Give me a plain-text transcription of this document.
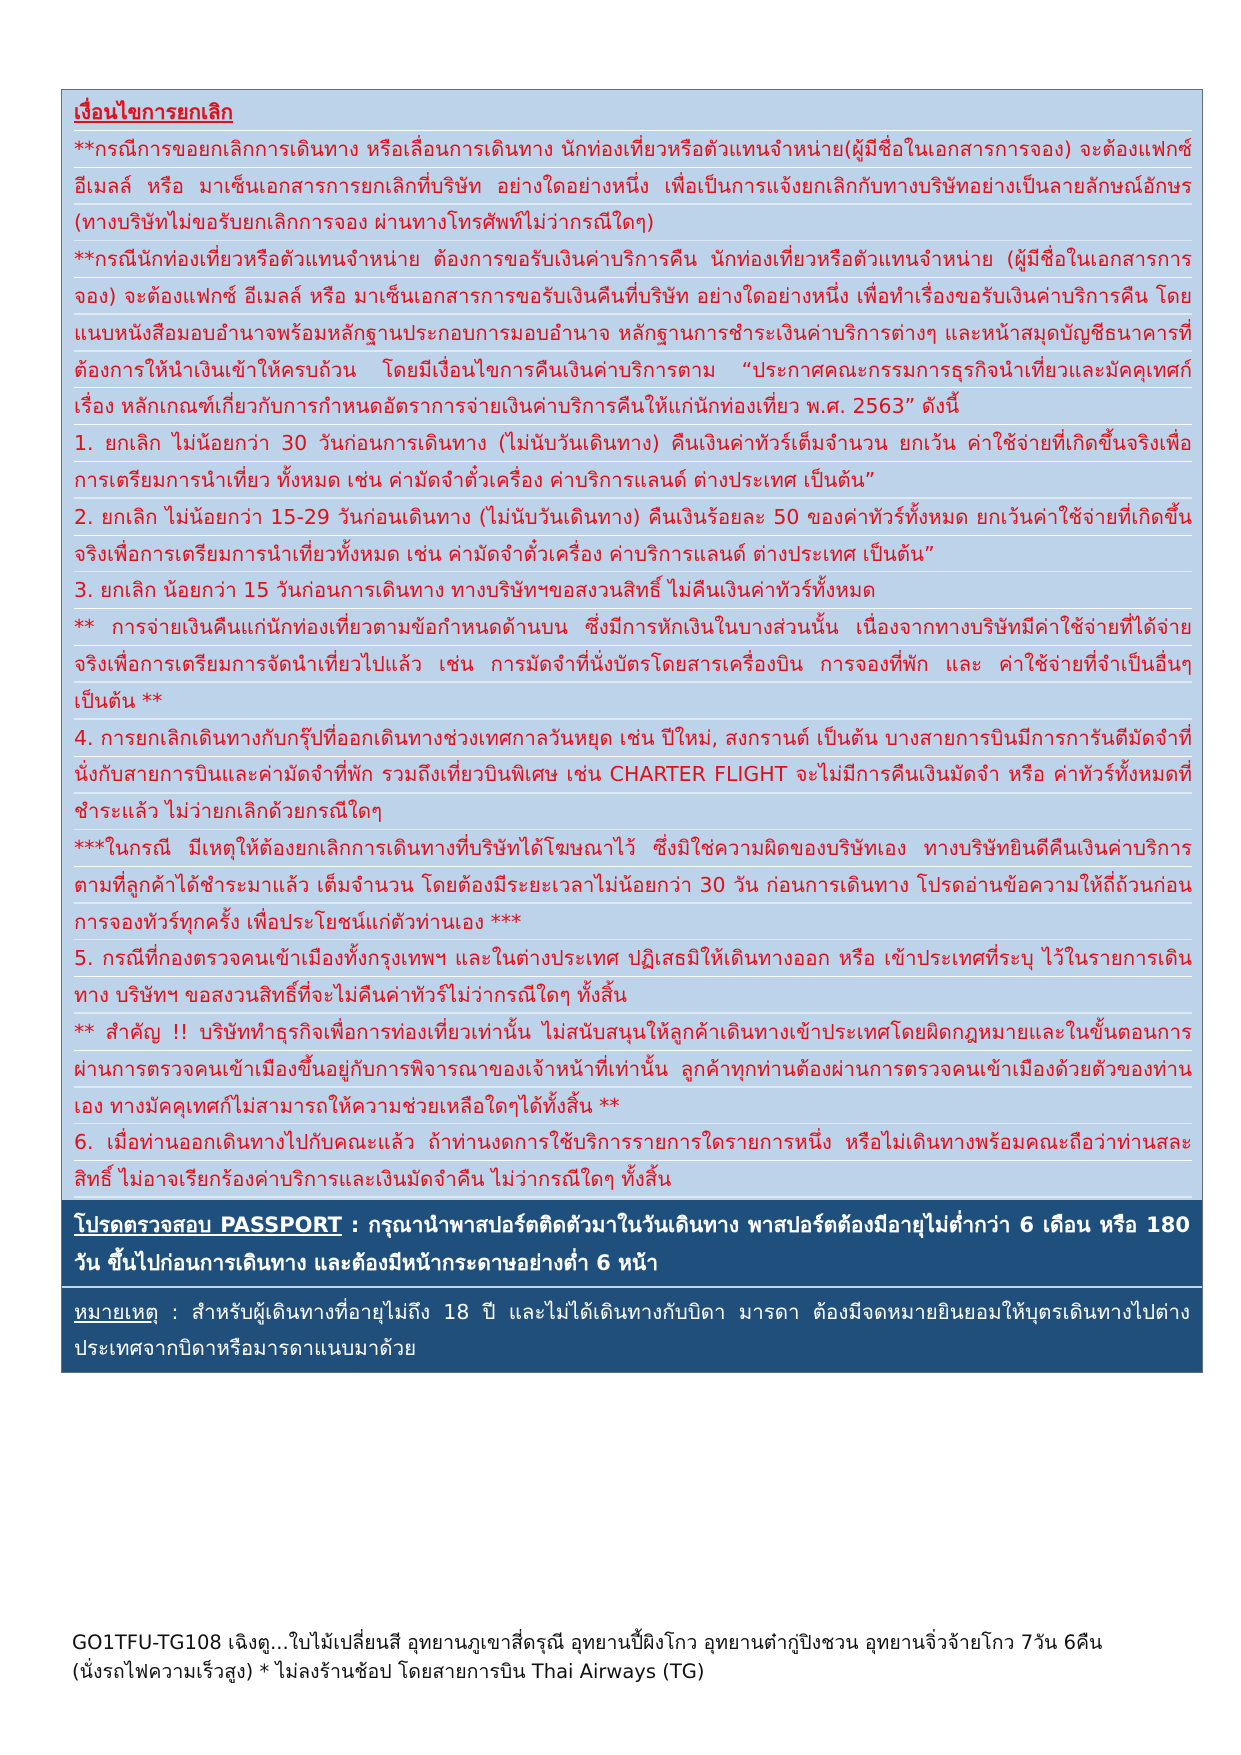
เงื่อนไขการยกเลิก

**กรณีการขอยกเลิกการเดินทาง หรือเลื่อนการเดินทาง นักท่องเที่ยวหรือตัวแทนจำหน่าย(ผู้มีชื่อในเอกสารการจอง) จะต้องแฟกซ์ อีเมลล์ หรือ มาเซ็นเอกสารการยกเลิกที่บริษัท อย่างใดอย่างหนึ่ง เพื่อเป็นการแจ้งยกเลิกกับทางบริษัทอย่างเป็นลายลักษณ์อักษร (ทางบริษัทไม่ขอรับยกเลิกการจอง ผ่านทางโทรศัพท์ไม่ว่ากรณีใดๆ)

**กรณีนักท่องเที่ยวหรือตัวแทนจำหน่าย ต้องการขอรับเงินค่าบริการคืน นักท่องเที่ยวหรือตัวแทนจำหน่าย (ผู้มีชื่อในเอกสารการจอง) จะต้องแฟกซ์ อีเมลล์ หรือ มาเซ็นเอกสารการขอรับเงินคืนที่บริษัท อย่างใดอย่างหนึ่ง เพื่อทำเรื่องขอรับเงินค่าบริการคืน โดยแนบหนังสือมอบอำนาจพร้อมหลักฐานประกอบการมอบอำนาจ หลักฐานการชำระเงินค่าบริการต่างๆ และหน้าสมุดบัญชีธนาคารที่ต้องการให้นำเงินเข้าให้ครบถ้วน โดยมีเงื่อนไขการคืนเงินค่าบริการตาม “ประกาศคณะกรรมการธุรกิจนำเที่ยวและมัคคุเทศก์ เรื่อง หลักเกณฑ์เกี่ยวกับการกำหนดอัตราการจ่ายเงินค่าบริการคืนให้แก่นักท่องเที่ยว พ.ศ. 2563” ดังนี้

1. ยกเลิก ไม่น้อยกว่า 30 วันก่อนการเดินทาง (ไม่นับวันเดินทาง) คืนเงินค่าทัวร์เต็มจำนวน ยกเว้น ค่าใช้จ่ายที่เกิดขึ้นจริงเพื่อการเตรียมการนำเที่ยว ทั้งหมด เช่น ค่ามัดจำตั๋วเครื่อง ค่าบริการแลนด์ ต่างประเทศ เป็นต้น”

2. ยกเลิก ไม่น้อยกว่า 15-29 วันก่อนเดินทาง (ไม่นับวันเดินทาง) คืนเงินร้อยละ 50 ของค่าทัวร์ทั้งหมด ยกเว้นค่าใช้จ่ายที่เกิดขึ้นจริงเพื่อการเตรียมการนำเที่ยวทั้งหมด เช่น ค่ามัดจำตั๋วเครื่อง ค่าบริการแลนด์ ต่างประเทศ เป็นต้น”

3. ยกเลิก น้อยกว่า 15 วันก่อนการเดินทาง ทางบริษัทฯขอสงวนสิทธิ์ ไม่คืนเงินค่าทัวร์ทั้งหมด

** การจ่ายเงินคืนแก่นักท่องเที่ยวตามข้อกำหนดด้านบน ซึ่งมีการหักเงินในบางส่วนนั้น เนื่องจากทางบริษัทมีค่าใช้จ่ายที่ได้จ่ายจริงเพื่อการเตรียมการจัดนำเที่ยวไปแล้ว เช่น การมัดจำที่นั่งบัตรโดยสารเครื่องบิน การจองที่พัก และ ค่าใช้จ่ายที่จำเป็นอื่นๆ เป็นต้น **

4. การยกเลิกเดินทางกับกรุ๊ปที่ออกเดินทางช่วงเทศกาลวันหยุด เช่น ปีใหม่, สงกรานต์ เป็นต้น บางสายการบินมีการการันตีมัดจำที่นั่งกับสายการบินและค่ามัดจำที่พัก รวมถึงเที่ยวบินพิเศษ เช่น CHARTER FLIGHT จะไม่มีการคืนเงินมัดจำ หรือ ค่าทัวร์ทั้งหมดที่ชำระแล้ว ไม่ว่ายกเลิกด้วยกรณีใดๆ

***ในกรณี มีเหตุให้ต้องยกเลิกการเดินทางที่บริษัทได้โฆษณาไว้ ซึ่งมิใช่ความผิดของบริษัทเอง ทางบริษัทยินดีคืนเงินค่าบริการตามที่ลูกค้าได้ชำระมาแล้ว เต็มจำนวน โดยต้องมีระยะเวลาไม่น้อยกว่า 30 วัน ก่อนการเดินทาง โปรดอ่านข้อความให้ถี่ถ้วนก่อนการจองทัวร์ทุกครั้ง เพื่อประโยชน์แก่ตัวท่านเอง ***

5. กรณีที่กองตรวจคนเข้าเมืองทั้งกรุงเทพฯ และในต่างประเทศ ปฏิเสธมิให้เดินทางออก หรือ เข้าประเทศที่ระบุ ไว้ในรายการเดินทาง บริษัทฯ ขอสงวนสิทธิ์ที่จะไม่คืนค่าทัวร์ไม่ว่ากรณีใดๆ ทั้งสิ้น

** สำคัญ !! บริษัททำธุรกิจเพื่อการท่องเที่ยวเท่านั้น ไม่สนับสนุนให้ลูกค้าเดินทางเข้าประเทศโดยผิดกฎหมายและในขั้นตอนการผ่านการตรวจคนเข้าเมืองขึ้นอยู่กับการพิจารณาของเจ้าหน้าที่เท่านั้น ลูกค้าทุกท่านต้องผ่านการตรวจคนเข้าเมืองด้วยตัวของท่านเอง ทางมัคคุเทศก์ไม่สามารถให้ความช่วยเหลือใดๆได้ทั้งสิ้น **

6. เมื่อท่านออกเดินทางไปกับคณะแล้ว ถ้าท่านงดการใช้บริการรายการใดรายการหนึ่ง หรือไม่เดินทางพร้อมคณะถือว่าท่านสละสิทธิ์ ไม่อาจเรียกร้องค่าบริการและเงินมัดจำคืน ไม่ว่ากรณีใดๆ ทั้งสิ้น

โปรดตรวจสอบ PASSPORT : กรุณานำพาสปอร์ตติดตัวมาในวันเดินทาง พาสปอร์ตต้องมีอายุไม่ต่ำกว่า 6 เดือน หรือ 180 วัน ขึ้นไปก่อนการเดินทาง และต้องมีหน้ากระดาษอย่างต่ำ 6 หน้า
หมายเหตุ : สำหรับผู้เดินทางที่อายุไม่ถึง 18 ปี และไม่ได้เดินทางกับบิดา มารดา ต้องมีจดหมายยินยอมให้บุตรเดินทางไปต่างประเทศจากบิดาหรือมารดาแนบมาด้วย
GO1TFU-TG108 เฉิงตู...ใบไม้เปลี่ยนสี อุทยานภูเขาสี่ดรุณี อุทยานปี้ผิงโกว อุทยานต๋ากู่ปิงชวน อุทยานจิ่วจ้ายโกว 7วัน 6คืน
(นั่งรถไฟความเร็วสูง) * ไม่ลงร้านช้อป โดยสายการบิน Thai Airways (TG)
